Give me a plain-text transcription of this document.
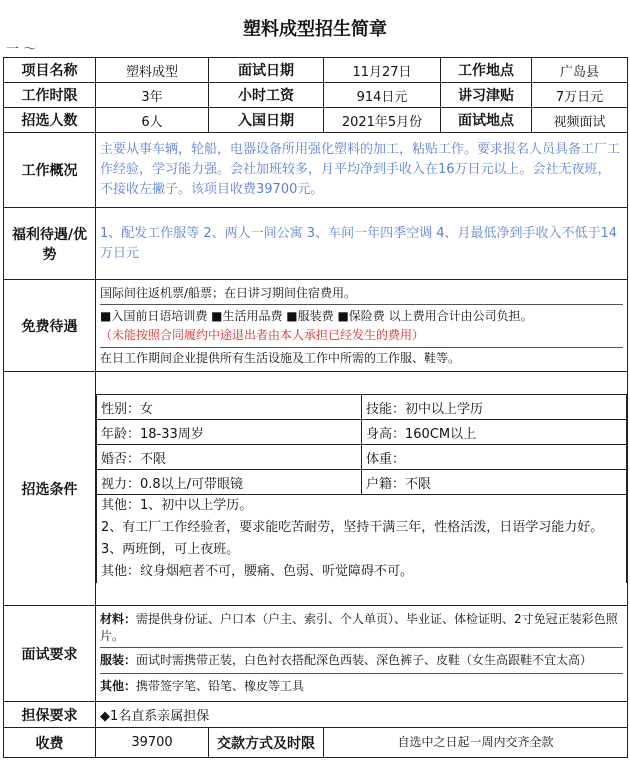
塑料成型招生简章
一 〜
项目名称	塑料成型	面试日期	11月27日	工作地点	广岛县
工作时限	3年	小时工资	914日元	讲习津贴	7万日元
招选人数	6人	入国日期	2021年5月份	面试地点	视频面试
工作概况	主要从事车辆，轮船，电器设备所用强化塑料的加工，粘贴工作。要求报名人员具备工厂工作经验，学习能力强。会社加班较多，月平均净到手收入在16万日元以上。会社无夜班，不接收左撇子。该项目收费39700元。
福利待遇/优势	1、配发工作服等 2、两人一间公寓 3、车间一年四季空调 4、月最低净到手收入不低于14万日元
免费待遇	
国际间往返机票/船票；在日讲习期间住宿费用。
■入国前日语培训费 ■生活用品费 ■服装费 ■保险费 以上费用合计由公司负担。
（未能按照合同履约中途退出者由本人承担已经发生的费用）
在日工作期间企业提供所有生活设施及工作中所需的工作服、鞋等。

招选条件	
性别：女	技能：初中以上学历
年龄：18-33周岁	身高：160CM以上
婚否：不限	体重：
视力：0.8以上/可带眼镜	户籍：不限

其他：1、初中以上学历。
2、有工厂工作经验者，要求能吃苦耐劳，坚持干满三年，性格活泼，日语学习能力好。
3、两班倒，可上夜班。
其他：纹身烟疤者不可，腰痛、色弱、听觉障碍不可。

面试要求	
材料：需提供身份证、户口本（户主、索引、个人单页）、毕业证、体检证明、2寸免冠正装彩色照片。
服装：面试时需携带正装，白色衬衣搭配深色西装、深色裤子、皮鞋（女生高跟鞋不宜太高）
其他：携带签字笔、铅笔、橡皮等工具

担保要求	◆1名直系亲属担保
收费	39700	交款方式及时限	自选中之日起一周内交齐全款
